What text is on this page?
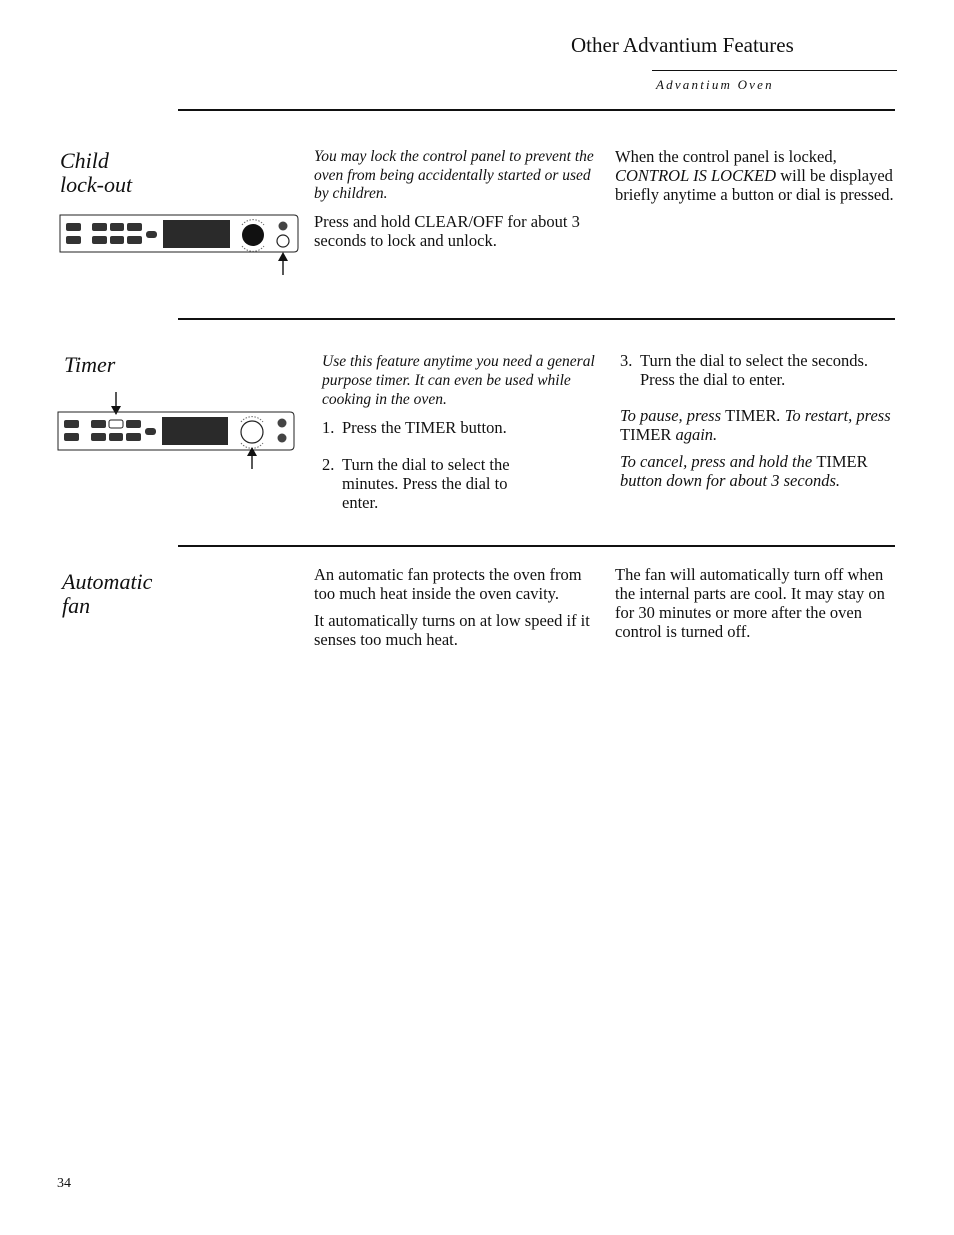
Other Advantium Features
Advantium Oven
Child
lock-out

You may lock the control panel to prevent the oven from being accidentally started or used by children.

Press and hold CLEAR/OFF for about 3 seconds to lock and unlock.

When the control panel is locked, CONTROL IS LOCKED will be displayed briefly anytime a button or dial is pressed.

Timer	Use this feature anytime you need a general purpose timer. It can even be used while cooking in the oven.

1. Press the TIMER button.
2. Turn the dial to select the minutes. Press the dial to enter.
3. Turn the dial to select the seconds. Press the dial to enter.

To pause, press TIMER. To restart, press TIMER again.

To cancel, press and hold the TIMER button down for about 3 seconds.

Automatic
fan

An automatic fan protects the oven from too much heat inside the oven cavity.

It automatically turns on at low speed if it senses too much heat.

The fan will automatically turn off when the internal parts are cool. It may stay on for 30 minutes or more after the oven control is turned off.

34
